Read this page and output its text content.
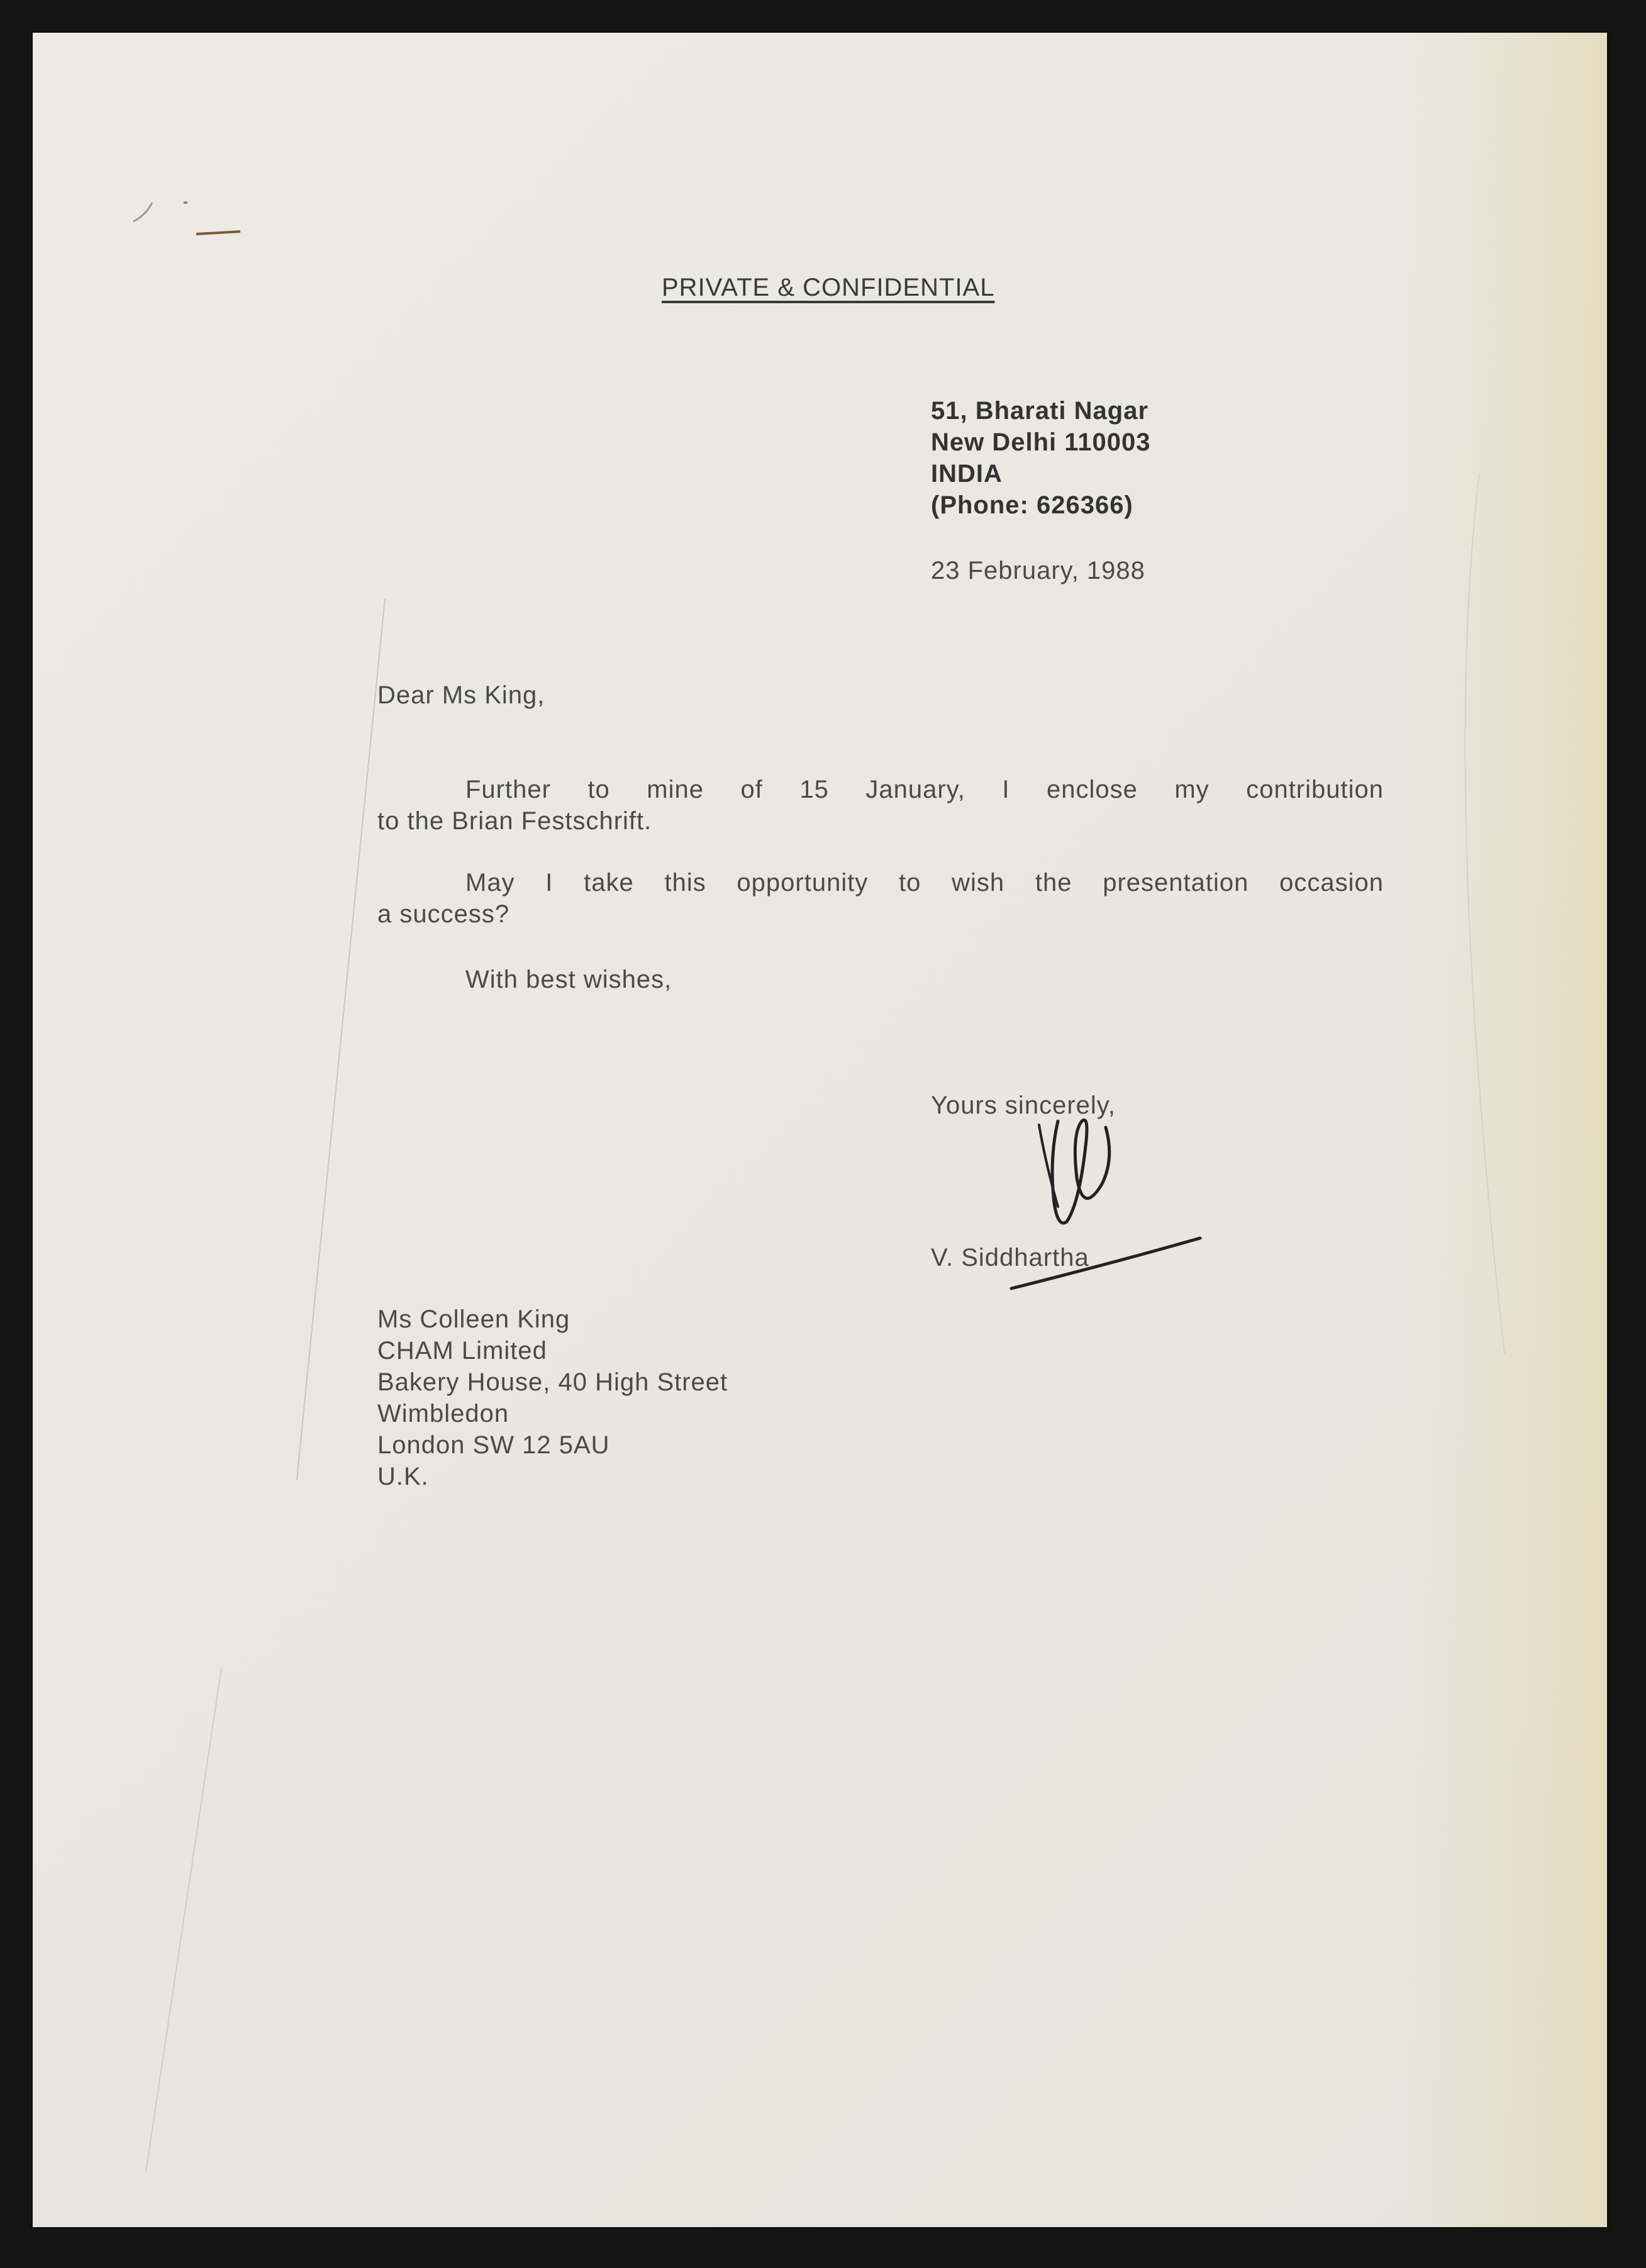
PRIVATE & CONFIDENTIAL
51, Bharati Nagar
New Delhi 110003
INDIA
(Phone: 626366)
23 February, 1988
Dear Ms King,
Further to mine of 15 January, I enclose my contribution
to the Brian Festschrift.
May I take this opportunity to wish the presentation occasion
a success?
With best wishes,
Yours sincerely,
V. Siddhartha
Ms Colleen King
CHAM Limited
Bakery House, 40 High Street
Wimbledon
London SW 12 5AU
U.K.
